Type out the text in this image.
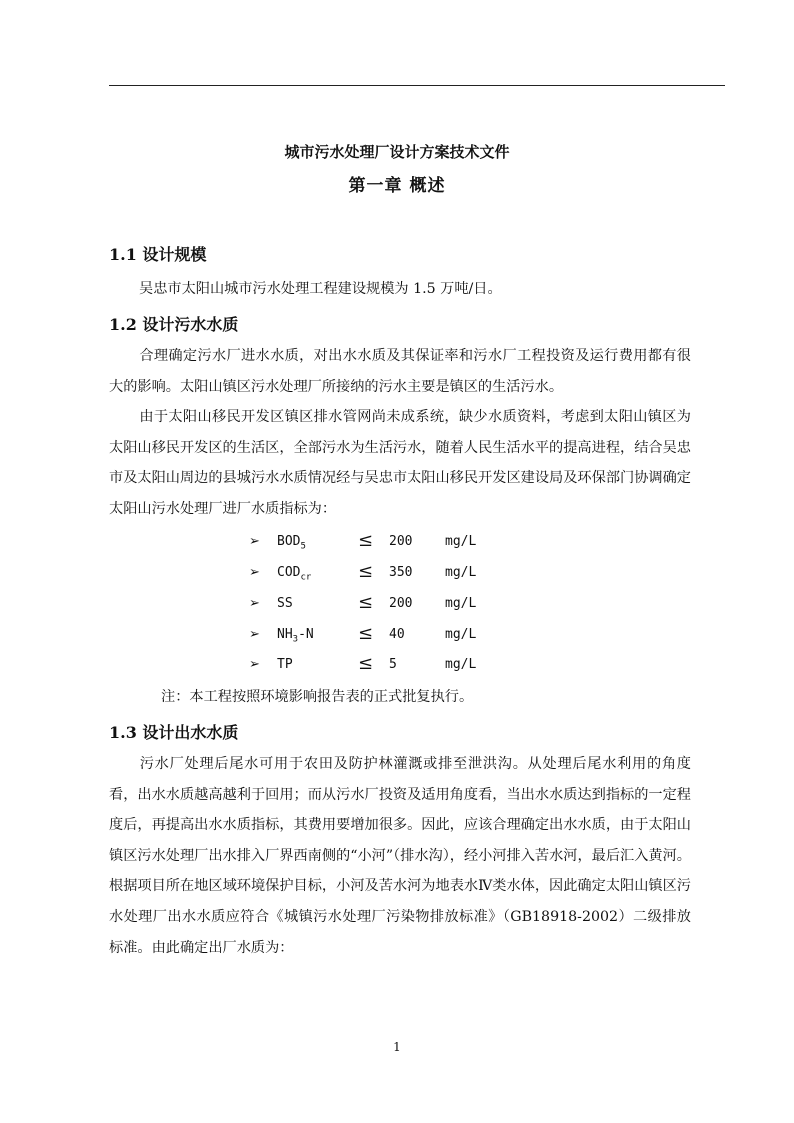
城市污水处理厂设计方案技术文件
第一章 概述
1.1 设计规模
吴忠市太阳山城市污水处理工程建设规模为 1.5 万吨/日。
1.2 设计污水水质

合理确定污水厂进水水质，对出水水质及其保证率和污水厂工程投资及运行费用都有很大的影响。太阳山镇区污水处理厂所接纳的污水主要是镇区的生活污水。

由于太阳山移民开发区镇区排水管网尚未成系统，缺少水质资料，考虑到太阳山镇区为太阳山移民开发区的生活区，全部污水为生活污水，随着人民生活水平的提高进程，结合吴忠市及太阳山周边的县城污水水质情况经与吴忠市太阳山移民开发区建设局及环保部门协调确定太阳山污水处理厂进厂水质指标为：

➢ $BOD_5$	≤ 200	mg/L
➢ $COD_{cr}$	≤ 350	mg/L
➢ SS	≤ 200	mg/L
➢ $NH_3-N \le 40$	mg/L
➢ TP	≤ 5	mg/L
注：本工程按照环境影响报告表的正式批复执行。
1.3 设计出水水质

污水厂处理后尾水可用于农田及防护林灌溉或排至泄洪沟。从处理后尾水利用的角度看，出水水质越高越利于回用；而从污水厂投资及适用角度看，当出水水质达到指标的一定程度后，再提高出水水质指标，其费用要增加很多。因此，应该合理确定出水水质，由于太阳山镇区污水处理厂出水排入厂界西南侧的“小河”（排水沟），经小河排入苦水河，最后汇入黄河。根据项目所在地区域环境保护目标，小河及苦水河为地表水Ⅳ类水体，因此确定太阳山镇区污水处理厂出水水质应符合《城镇污水处理厂污染物排放标准》（GB18918-2002）二级排放标准。由此确定出厂水质为：

1
